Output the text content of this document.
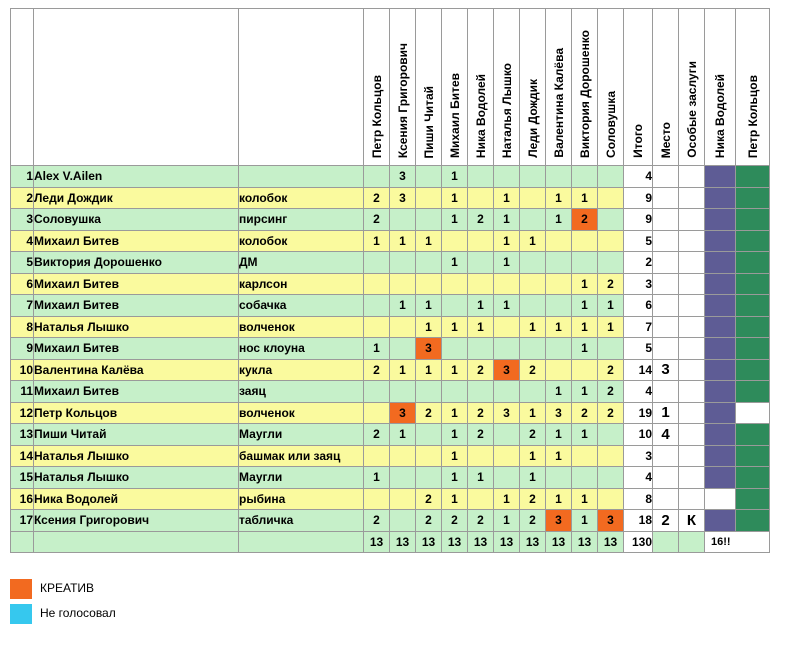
			Петр Кольцов	Ксения Григорович	Пиши Читай	Михаил Битев	Ника Водолей	Наталья Лышко	Леди Дождик	Валентина Калёва	Виктория Дорошенко	Соловушка	Итого	Место	Особые заслуги	Ника Водолей	Петр Кольцов
1	Alex V.Ailen			3		1							4				
2	Леди Дождик	колобок	2	3		1		1		1	1		9				
3	Соловушка	пирсинг	2			1	2	1		1	2		9				
4	Михаил Битев	колобок	1	1	1			1	1				5				
5	Виктория Дорошенко	ДМ				1		1					2				
6	Михаил Битев	карлсон									1	2	3				
7	Михаил Битев	собачка		1	1		1	1			1	1	6				
8	Наталья Лышко	волченок			1	1	1		1	1	1	1	7				
9	Михаил Битев	нос клоуна	1		3						1		5				
10	Валентина Калёва	кукла	2	1	1	1	2	3	2			2	14	3			
11	Михаил Битев	заяц								1	1	2	4				
12	Петр Кольцов	волченок		3	2	1	2	3	1	3	2	2	19	1			
13	Пиши Читай	Маугли	2	1		1	2		2	1	1		10	4			
14	Наталья Лышко	башмак или заяц				1			1	1			3				
15	Наталья Лышко	Маугли	1			1	1		1				4				
16	Ника Водолей	рыбина			2	1		1	2	1	1		8				
17	Ксения Григорович	табличка	2		2	2	2	1	2	3	1	3	18	2	К		
			13	13	13	13	13	13	13	13	13	13	130			16!!	
КРЕАТИВ
Не голосовал
